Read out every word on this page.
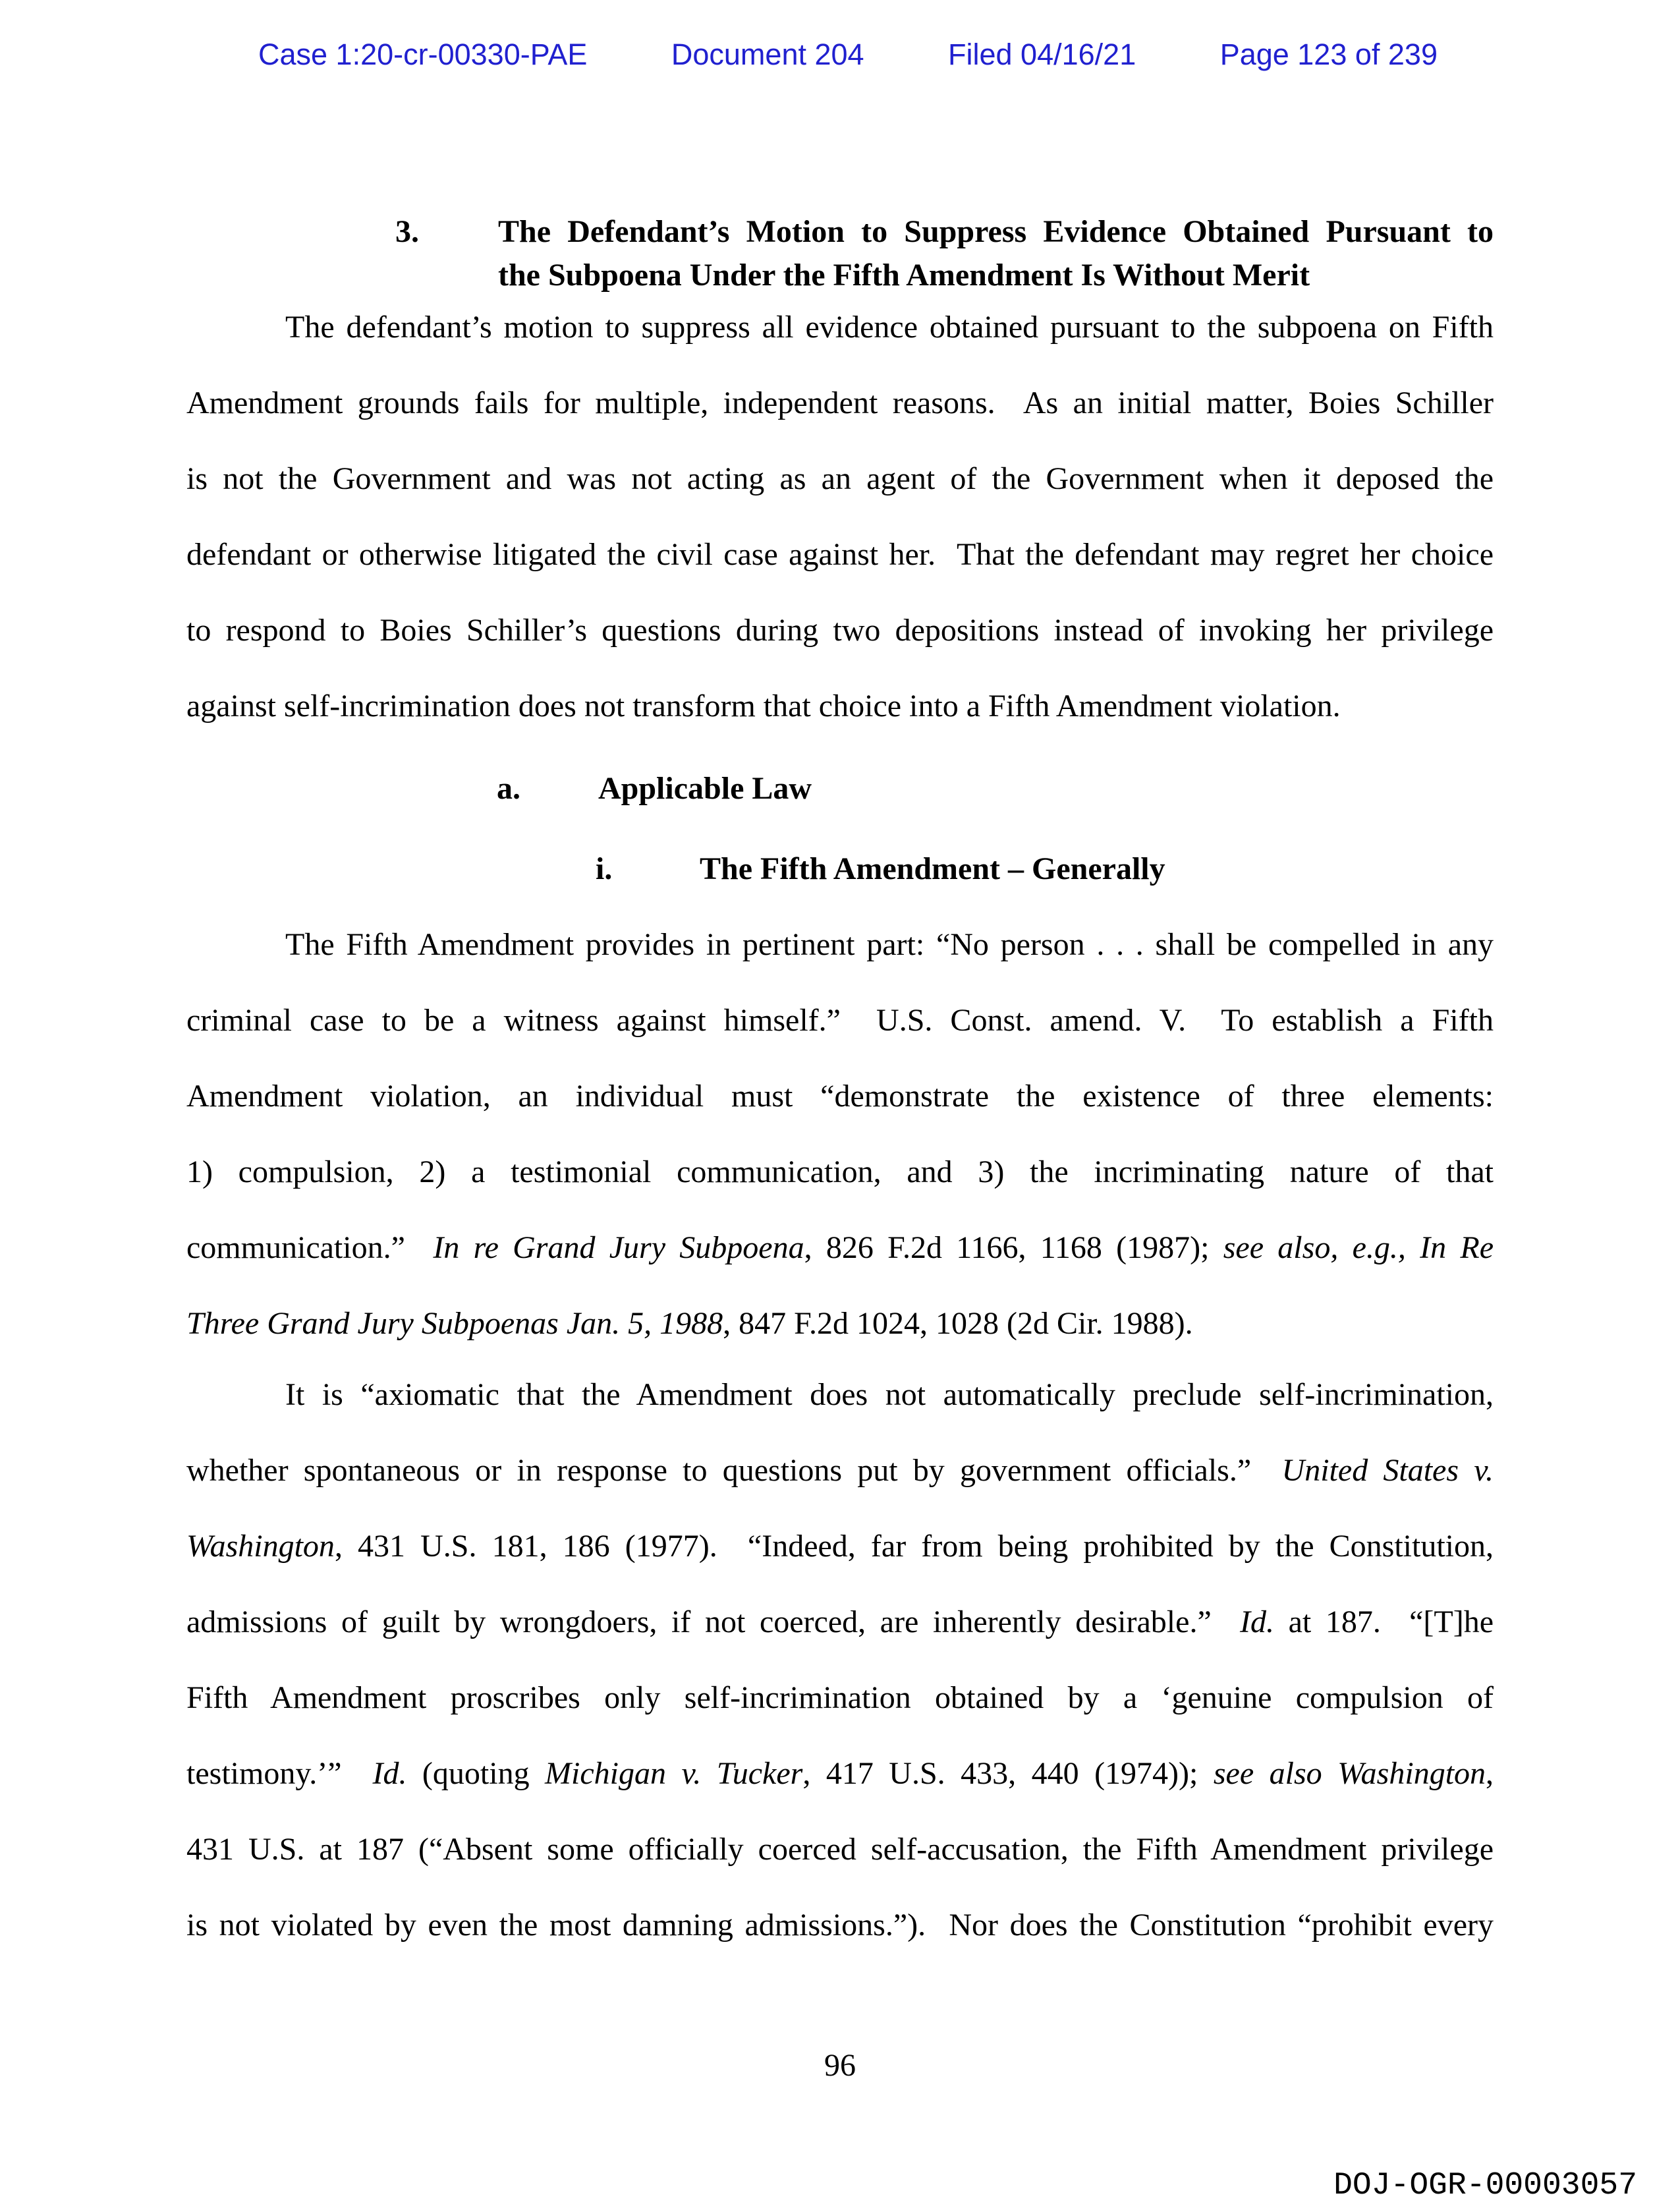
Case 1:20-cr-00330-PAE	Document 204	Filed 04/16/21	Page 123 of 239
3.	The Defendant’s Motion to Suppress Evidence Obtained Pursuant to
the Subpoena Under the Fifth Amendment Is Without Merit
The defendant’s motion to suppress all evidence obtained pursuant to the subpoena on Fifth
Amendment grounds fails for multiple, independent reasons.  As an initial matter, Boies Schiller
is not the Government and was not acting as an agent of the Government when it deposed the
defendant or otherwise litigated the civil case against her.  That the defendant may regret her choice
to respond to Boies Schiller’s questions during two depositions instead of invoking her privilege
against self-incrimination does not transform that choice into a Fifth Amendment violation.
a. Applicable Law
i.	The Fifth Amendment – Generally
The Fifth Amendment provides in pertinent part: “No person . . . shall be compelled in any
criminal case to be a witness against himself.”  U.S. Const. amend. V.  To establish a Fifth
Amendment violation, an individual must “demonstrate the existence of three elements:
1) compulsion, 2) a testimonial communication, and 3) the incriminating nature of that
communication.”  In re Grand Jury Subpoena, 826 F.2d 1166, 1168 (1987); see also, e.g., In Re
Three Grand Jury Subpoenas Jan. 5, 1988, 847 F.2d 1024, 1028 (2d Cir. 1988).
It is “axiomatic that the Amendment does not automatically preclude self-incrimination,
whether spontaneous or in response to questions put by government officials.”  United States v.
Washington, 431 U.S. 181, 186 (1977).  “Indeed, far from being prohibited by the Constitution,
admissions of guilt by wrongdoers, if not coerced, are inherently desirable.”  Id. at 187.  “[T]he
Fifth Amendment proscribes only self-incrimination obtained by a ‘genuine compulsion of
testimony.’”  Id. (quoting Michigan v. Tucker, 417 U.S. 433, 440 (1974)); see also Washington,
431 U.S. at 187 (“Absent some officially coerced self-accusation, the Fifth Amendment privilege
is not violated by even the most damning admissions.”).  Nor does the Constitution “prohibit every
96
DOJ-OGR-00003057
